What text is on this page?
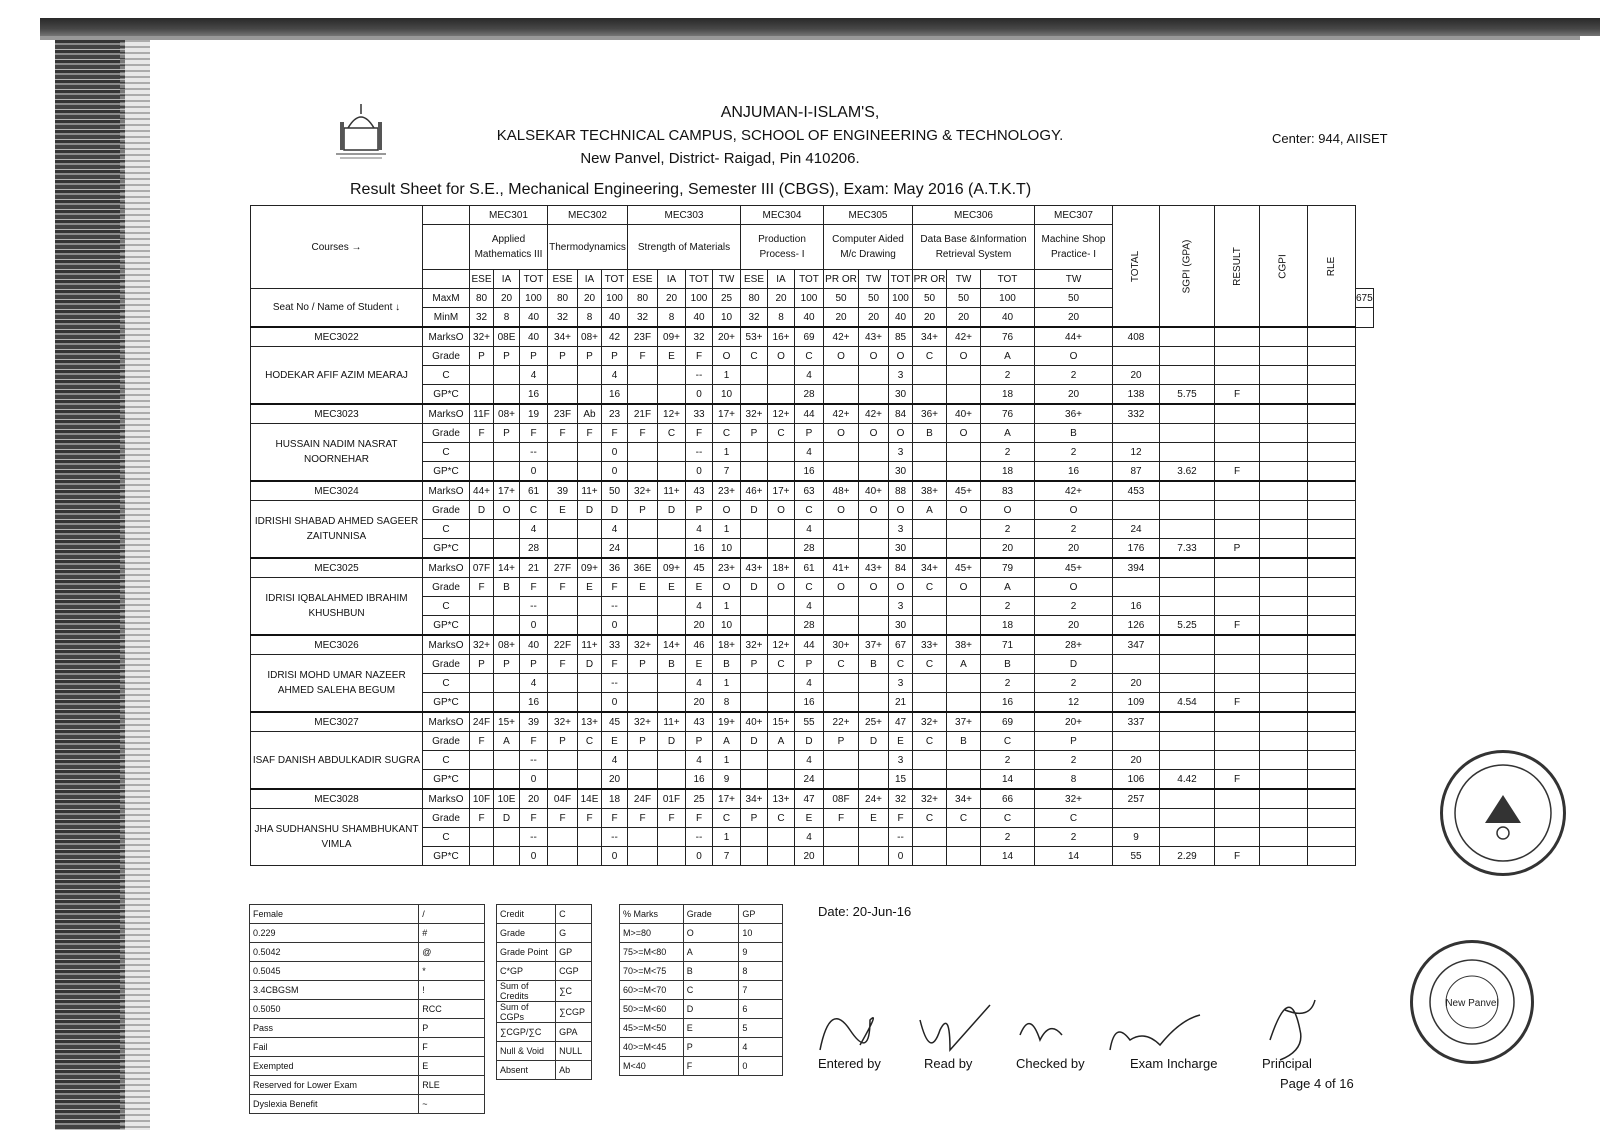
ANJUMAN-I-ISLAM'S,
KALSEKAR TECHNICAL CAMPUS, SCHOOL OF ENGINEERING & TECHNOLOGY.
New Panvel, District- Raigad, Pin 410206.
Center: 944, AIISET
Result Sheet for S.E., Mechanical Engineering, Semester III (CBGS), Exam: May 2016 (A.T.K.T)
Courses →		MEC301			MEC302			MEC303				MEC304			MEC305			MEC306			MEC307	TOTAL	SGPI (GPA)	RESULT	CGPI	RLE	
		Applied Mathematics III			Thermodynamics			Strength of Materials				Production Process- I			Computer Aided M/c Drawing			Data Base &Information Retrieval System			Machine Shop Practice- I						
		ESE	IA	TOT	ESE	IA	TOT	ESE	IA	TOT	TW	ESE	IA	TOT	PR OR	TW	TOT	PR OR	TW	TOT	TW						
Seat No / Name of Student ↓	MaxM	80	20	100	80	20	100	80	20	100	25	80	20	100	50	50	100	50	50	100	50						675
	MinM	32	8	40	32	8	40	32	8	40	10	32	8	40	20	20	40	20	20	40	20						
MEC3022	MarksO	32+	08E	40	34+	08+	42	23F	09+	32	20+	53+	16+	69	42+	43+	85	34+	42+	76	44+	408					
HODEKAR AFIF AZIM MEARAJ	Grade	P	P	P	P	P	P	F	E	F	O	C	O	C	O	O	O	C	O	A	O						
	C			4			4			--	1			4			3			2	2	20					
	GP*C			16			16			0	10			28			30			18	20	138	5.75	F			
MEC3023	MarksO	11F	08+	19	23F	Ab	23	21F	12+	33	17+	32+	12+	44	42+	42+	84	36+	40+	76	36+	332					
HUSSAIN NADIM NASRAT NOORNEHAR	Grade	F	P	F	F	F	F	F	C	F	C	P	C	P	O	O	O	B	O	A	B						
	C			--			0			--	1			4			3			2	2	12					
	GP*C			0			0			0	7			16			30			18	16	87	3.62	F			
MEC3024	MarksO	44+	17+	61	39	11+	50	32+	11+	43	23+	46+	17+	63	48+	40+	88	38+	45+	83	42+	453					
IDRISHI SHABAD AHMED SAGEER ZAITUNNISA	Grade	D	O	C	E	D	D	P	D	P	O	D	O	C	O	O	O	A	O	O	O						
	C			4			4			4	1			4			3			2	2	24					
	GP*C			28			24			16	10			28			30			20	20	176	7.33	P			
MEC3025	MarksO	07F	14+	21	27F	09+	36	36E	09+	45	23+	43+	18+	61	41+	43+	84	34+	45+	79	45+	394					
IDRISI IQBALAHMED IBRAHIM KHUSHBUN	Grade	F	B	F	F	E	F	E	E	E	O	D	O	C	O	O	O	C	O	A	O						
	C			--			--			4	1			4			3			2	2	16					
	GP*C			0			0			20	10			28			30			18	20	126	5.25	F			
MEC3026	MarksO	32+	08+	40	22F	11+	33	32+	14+	46	18+	32+	12+	44	30+	37+	67	33+	38+	71	28+	347					
IDRISI MOHD UMAR NAZEER AHMED SALEHA BEGUM	Grade	P	P	P	F	D	F	P	B	E	B	P	C	P	C	B	C	C	A	B	D						
	C			4			--			4	1			4			3			2	2	20					
	GP*C			16			0			20	8			16			21			16	12	109	4.54	F			
MEC3027	MarksO	24F	15+	39	32+	13+	45	32+	11+	43	19+	40+	15+	55	22+	25+	47	32+	37+	69	20+	337					
ISAF DANISH ABDULKADIR SUGRA	Grade	F	A	F	P	C	E	P	D	P	A	D	A	D	P	D	E	C	B	C	P						
	C			--			4			4	1			4			3			2	2	20					
	GP*C			0			20			16	9			24			15			14	8	106	4.42	F			
MEC3028	MarksO	10F	10E	20	04F	14E	18	24F	01F	25	17+	34+	13+	47	08F	24+	32	32+	34+	66	32+	257					
JHA SUDHANSHU SHAMBHUKANT VIMLA	Grade	F	D	F	F	F	F	F	F	F	C	P	C	E	F	E	F	C	C	C	C						
	C			--			--			--	1			4			--			2	2	9					
	GP*C			0			0			0	7			20			0			14	14	55	2.29	F			
Female	/
0.229	#
0.5042	@
0.5045	*
3.4CBGSM	!
0.5050	RCC
Pass	P
Fail	F
Exempted	E
Reserved for Lower Exam	RLE
Dyslexia Benefit	~
Credit	C
Grade	G
Grade Point	GP
C*GP	CGP
Sum of Credits	∑C
Sum of CGPs	∑CGP
∑CGP/∑C	GPA
Null & Void	NULL
Absent	Ab
% Marks	Grade	GP
M>=80	O	10
75>=M<80	A	9
70>=M<75	B	8
60>=M<70	C	7
50>=M<60	D	6
45>=M<50	E	5
40>=M<45	P	4
M<40	F	0
Date: 20-Jun-16
Entered by	Read by	Checked by	Exam Incharge	Principal
Page 4 of 16
New Panvel
